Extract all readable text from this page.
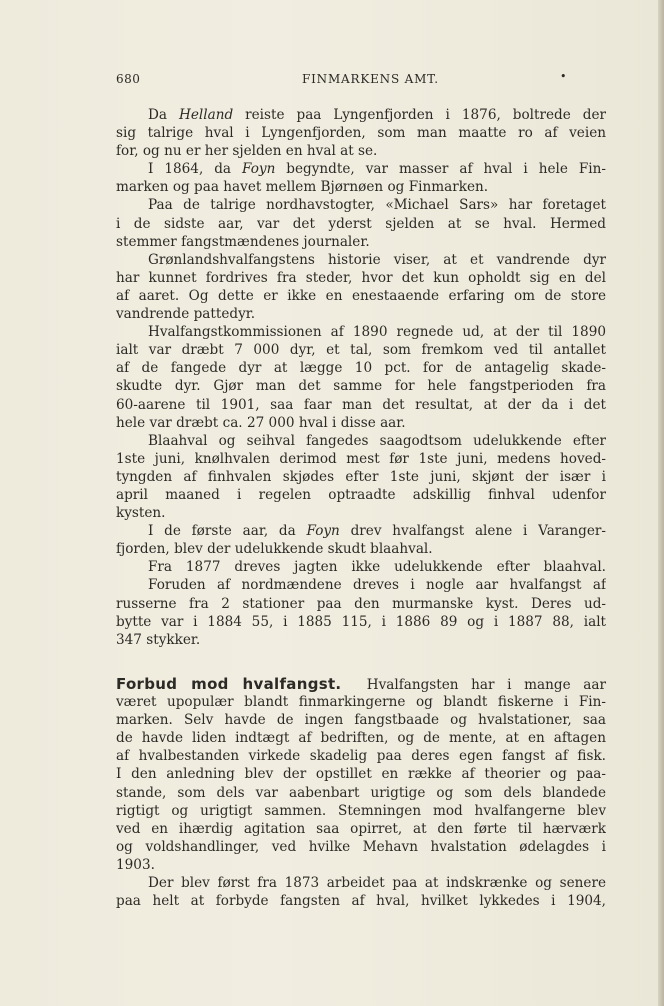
680	FINMARKENS AMT.	•
Da Helland reiste paa Lyngenfjorden i 1876, boltrede der
sig talrige hval i Lyngenfjorden, som man maatte ro af veien
for, og nu er her sjelden en hval at se.
I 1864, da Foyn begyndte, var masser af hval i hele Fin-
marken og paa havet mellem Bjørnøen og Finmarken.
Paa de talrige nordhavstogter, «Michael Sars» har foretaget
i de sidste aar, var det yderst sjelden at se hval. Hermed
stemmer fangstmændenes journaler.
Grønlandshvalfangstens historie viser, at et vandrende dyr
har kunnet fordrives fra steder, hvor det kun opholdt sig en del
af aaret. Og dette er ikke en enestaaende erfaring om de store
vandrende pattedyr.
Hvalfangstkommissionen af 1890 regnede ud, at der til 1890
ialt var dræbt 7 000 dyr, et tal, som fremkom ved til antallet
af de fangede dyr at lægge 10 pct. for de antagelig skade-
skudte dyr. Gjør man det samme for hele fangstperioden fra
60-aarene til 1901, saa faar man det resultat, at der da i det
hele var dræbt ca. 27 000 hval i disse aar.
Blaahval og seihval fangedes saagodtsom udelukkende efter
1ste juni, knølhvalen derimod mest før 1ste juni, medens hoved-
tyngden af finhvalen skjødes efter 1ste juni, skjønt der især i
april maaned i regelen optraadte adskillig finhval udenfor
kysten.
I de første aar, da Foyn drev hvalfangst alene i Varanger-
fjorden, blev der udelukkende skudt blaahval.
Fra 1877 dreves jagten ikke udelukkende efter blaahval.
Foruden af nordmændene dreves i nogle aar hvalfangst af
russerne fra 2 stationer paa den murmanske kyst. Deres ud-
bytte var i 1884 55, i 1885 115, i 1886 89 og i 1887 88, ialt
347 stykker.
Forbud mod hvalfangst.  Hvalfangsten har i mange aar
været upopulær blandt finmarkingerne og blandt fiskerne i Fin-
marken. Selv havde de ingen fangstbaade og hvalstationer, saa
de havde liden indtægt af bedriften, og de mente, at en aftagen
af hvalbestanden virkede skadelig paa deres egen fangst af fisk.
I den anledning blev der opstillet en række af theorier og paa-
stande, som dels var aabenbart urigtige og som dels blandede
rigtigt og urigtigt sammen. Stemningen mod hvalfangerne blev
ved en ihærdig agitation saa opirret, at den førte til hærværk
og voldshandlinger, ved hvilke Mehavn hvalstation ødelagdes i
1903.
Der blev først fra 1873 arbeidet paa at indskrænke og senere
paa helt at forbyde fangsten af hval, hvilket lykkedes i 1904,
